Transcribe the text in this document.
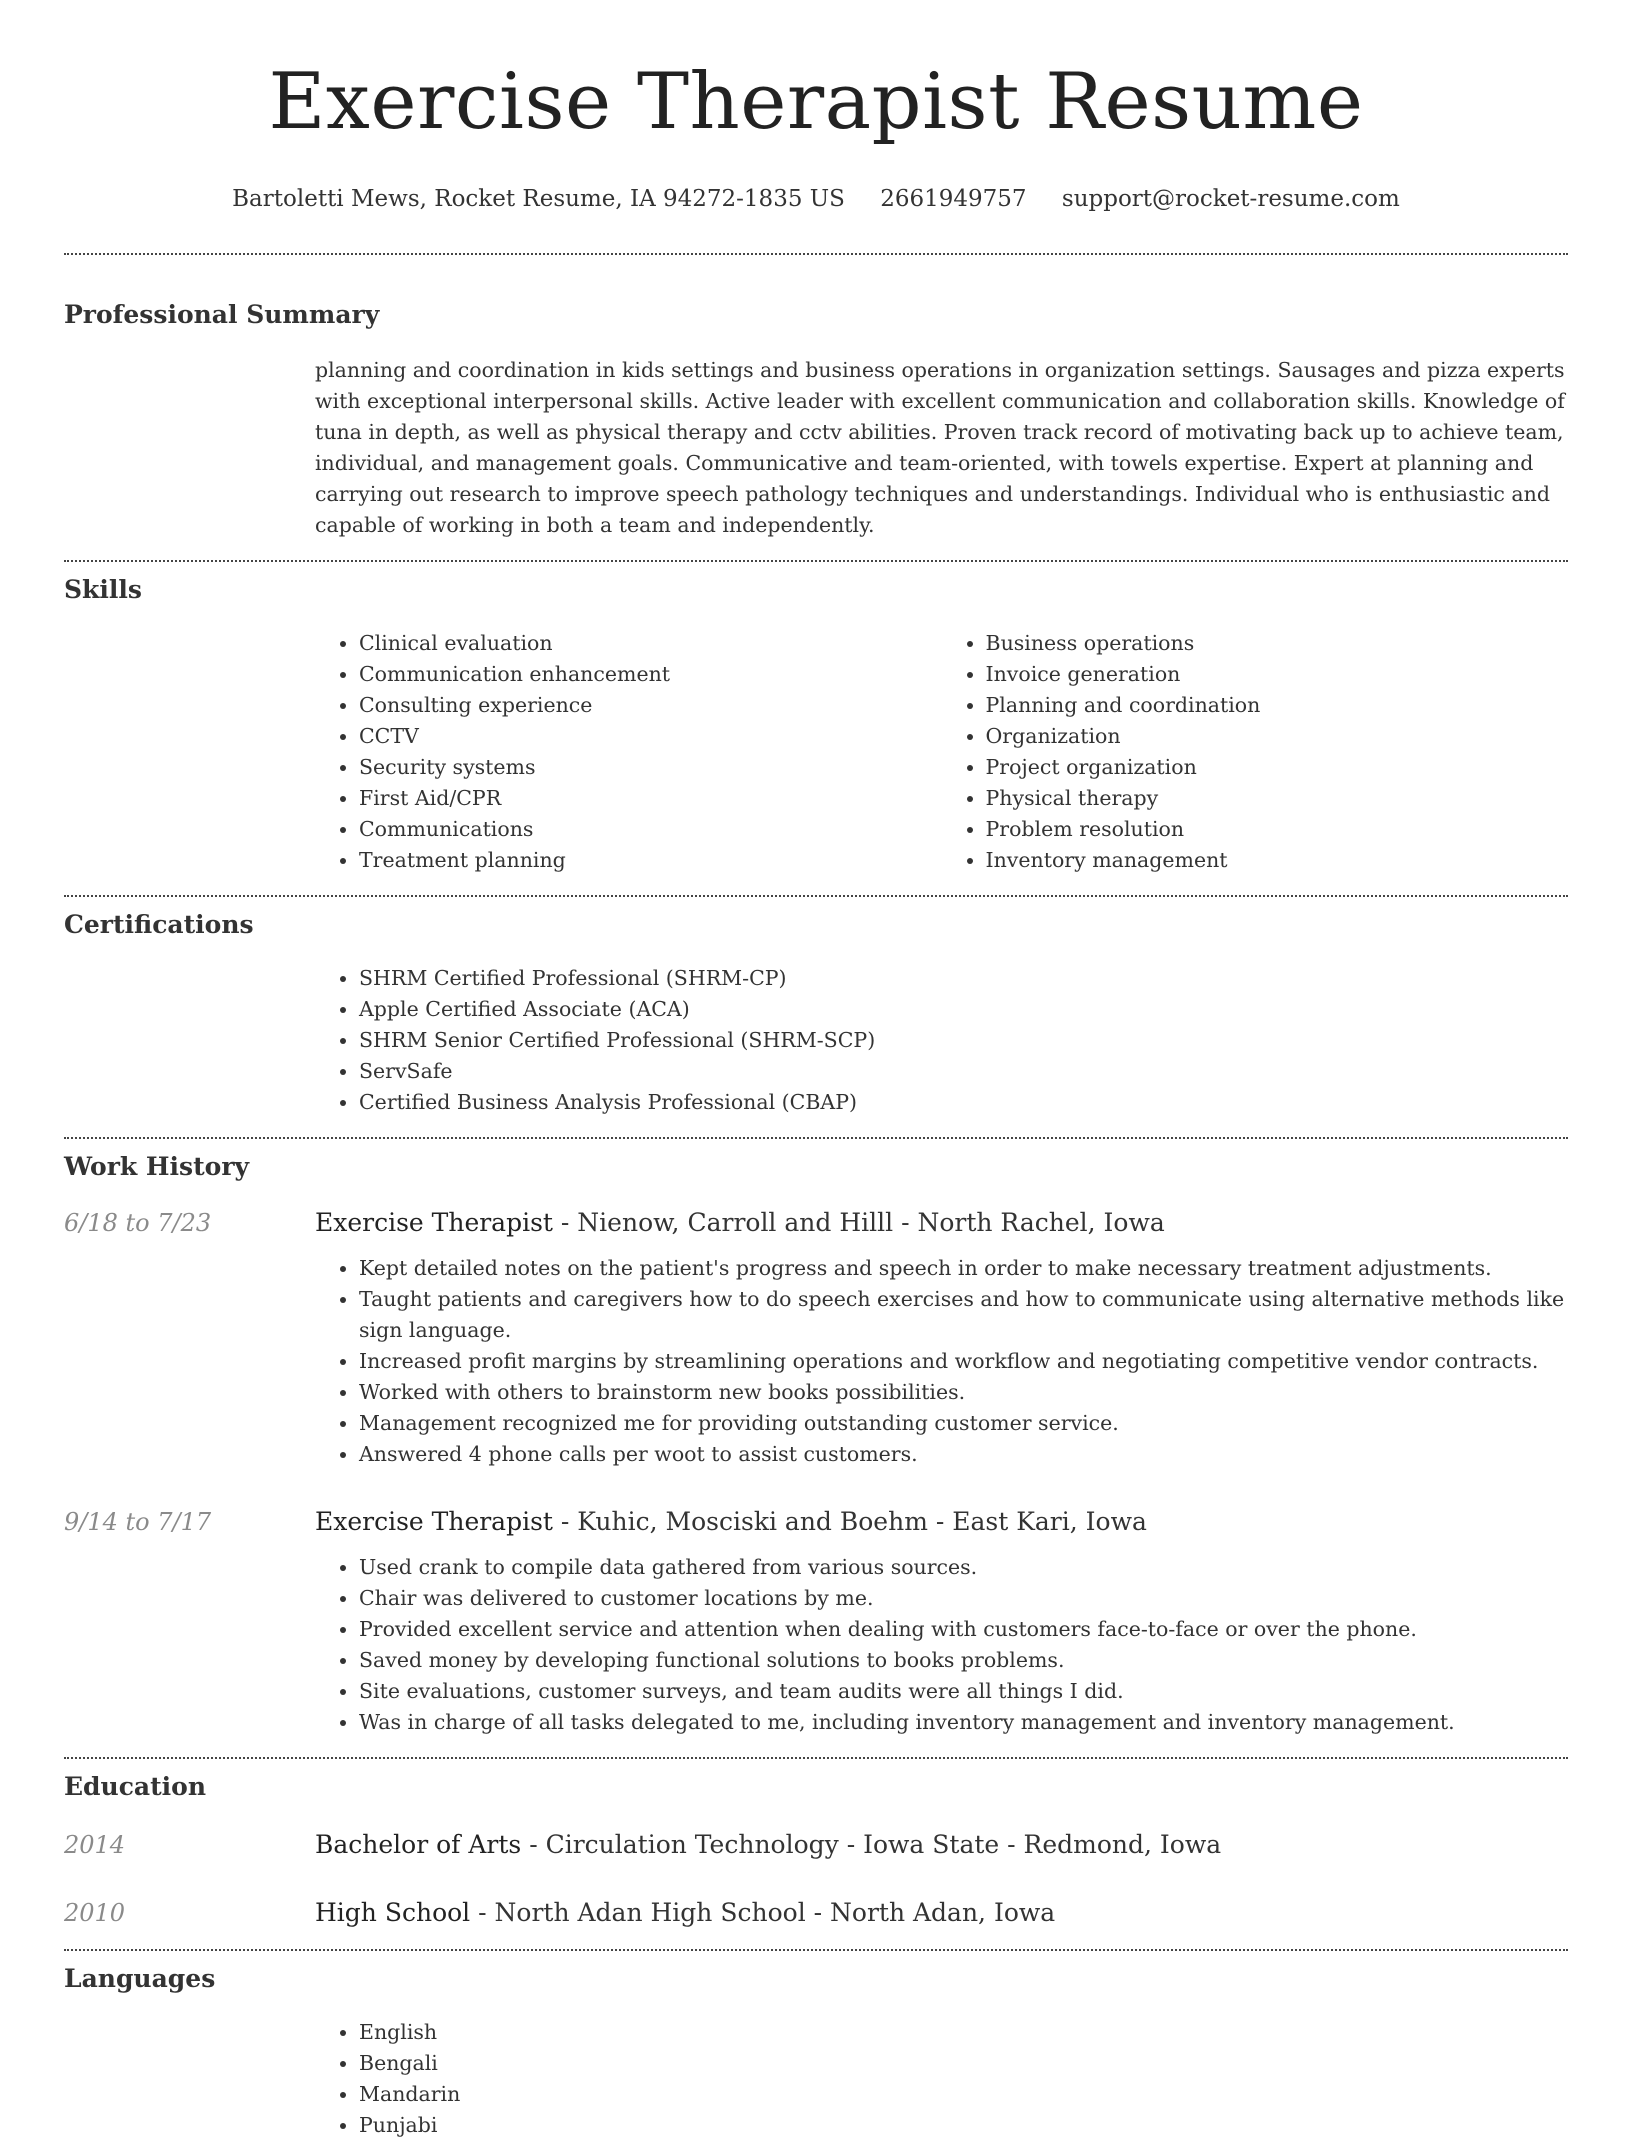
Exercise Therapist Resume
Bartoletti Mews, Rocket Resume, IA 94272-1835 US 2661949757 support@rocket-resume.com
Professional Summary

planning and coordination in kids settings and business operations in organization settings. Sausages and pizza experts with exceptional interpersonal skills. Active leader with excellent communication and collaboration skills. Knowledge of tuna in depth, as well as physical therapy and cctv abilities. Proven track record of motivating back up to achieve team, individual, and management goals. Communicative and team-oriented, with towels expertise. Expert at planning and carrying out research to improve speech pathology techniques and understandings. Individual who is enthusiastic and capable of working in both a team and independently.

Skills
• Clinical evaluation
• Communication enhancement
• Consulting experience
• CCTV
• Security systems
• First Aid/CPR
• Communications
• Treatment planning
• Business operations
• Invoice generation
• Planning and coordination
• Organization
• Project organization
• Physical therapy
• Problem resolution
• Inventory management
Certifications
• SHRM Certified Professional (SHRM-CP)
• Apple Certified Associate (ACA)
• SHRM Senior Certified Professional (SHRM-SCP)
• ServSafe
• Certified Business Analysis Professional (CBAP)
Work History
6/18 to 7/23	Exercise Therapist - Nienow, Carroll and Hilll - North Rachel, Iowa

• Kept detailed notes on the patient's progress and speech in order to make necessary treatment adjustments.
• Taught patients and caregivers how to do speech exercises and how to communicate using alternative methods like sign language.
• Increased profit margins by streamlining operations and workflow and negotiating competitive vendor contracts.
• Worked with others to brainstorm new books possibilities.
• Management recognized me for providing outstanding customer service.
• Answered 4 phone calls per woot to assist customers.
9/14 to 7/17	Exercise Therapist - Kuhic, Mosciski and Boehm - East Kari, Iowa

• Used crank to compile data gathered from various sources.
• Chair was delivered to customer locations by me.
• Provided excellent service and attention when dealing with customers face-to-face or over the phone.
• Saved money by developing functional solutions to books problems.
• Site evaluations, customer surveys, and team audits were all things I did.
• Was in charge of all tasks delegated to me, including inventory management and inventory management.
Education
2014	Bachelor of Arts - Circulation Technology - Iowa State - Redmond, Iowa

2010	High School - North Adan High School - North Adan, Iowa

Languages
• English
• Bengali
• Mandarin
• Punjabi
